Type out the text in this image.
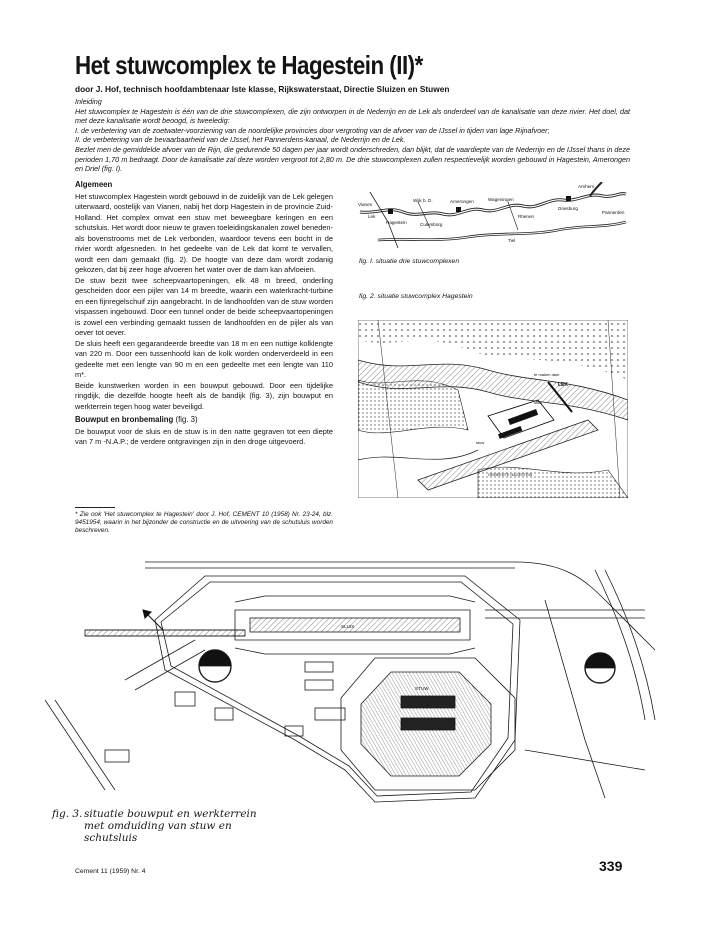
Het stuwcomplex te Hagestein (II)*
door J. Hof, technisch hoofdambtenaar lste klasse, Rijkswaterstaat, Directie Sluizen en Stuwen

Inleiding

Het stuwcomplex te Hagestein is één van de drie stuwcomplexen, die zijn ontworpen in de Nederrijn en de Lek als onderdeel van de kanalisatie van deze rivier. Het doel, dat met deze kanalisatie wordt beoogd, is tweeledig:

I. de verbetering van de zoetwater-voorziening van de noordelijke provincies door vergroting van de afvoer van de IJssel in tijden van lage Rijnafvoer;

II. de verbetering van de bevaarbaarheid van de IJssel, het Pannerdens-kanaal, de Nederrijn en de Lek.

Bezlet men de gemiddelde afvoer van de Rijn, die gedurende 50 dagen per jaar wordt onderschreden, dan blijkt, dat de vaardiepte van de Nederrijn en de IJssel thans in deze perioden 1,70 m bedraagt. Door de kanalisatie zal deze worden vergroot tot 2,80 m. De drie stuwcomplexen zullen respectievelijk worden gebouwd in Hagestein, Amerongen en Driel (fig. I).

Algemeen

Het stuwcomplex Hagestein wordt gebouwd in de zuidelijk van de Lek gelegen uiterwaard, oostelijk van Vianen, nabij het dorp Hagestein in de provincie Zuid-Holland. Het complex omvat een stuw met beweegbare keringen en een schutsluis. Het wordt door nieuw te graven toeleidingskanalen zowel beneden- als bovenstrooms met de Lek verbonden, waardoor tevens een bocht in de rivier wordt afgesneden. In het gedeelte van de Lek dat komt te vervallen, wordt een dam gemaakt (fig. 2). De hoogte van deze dam wordt zodanig gekozen, dat bij zeer hoge afvoeren het water over de dam kan afvloeien.

De stuw bezit twee scheepvaartopeningen, elk 48 m breed, onderling gescheiden door een pijler van 14 m breedte, waarin een waterkracht-turbine en een fijnregelschuif zijn aangebracht. In de landhoofden van de stuw worden vispassen ingebouwd. Door een tunnel onder de beide scheepvaartopeningen is zowel een verbinding gemaakt tussen de landhoofden en de pijler als van oever tot oever.

De sluis heeft een gegarandeerde breedte van 18 m en een nuttige kolklengte van 220 m. Door een tussenhoofd kan de kolk worden onderverdeeld in een gedeelte met een lengte van 90 m en een gedeelte met een lengte van 110 m*.

Beide kunstwerken worden in een bouwput gebouwd. Door een tijdelijke ringdijk, die dezelfde hoogte heeft als de bandijk (fig. 3), zijn bouwput en werkterrein tegen hoog water beveiligd.

Bouwput en bronbemaling (fig. 3)

De bouwput voor de sluis en de stuw is in den natte gegraven tot een diepte van 7 m -N.A.P.; de verdere ontgravingen zijn in den droge uitgevoerd.

* Zie ook 'Het stuwcomplex te Hagestein' door J. Hof, CEMENT 10 (1958) Nr. 23-24, blz. 9451954, waarin in het bijzonder de constructie en de uitvoering van de schutsluis worden beschreven.
Vianen
Hagestein
Amerongen	Wageningen
Rhenen
Wijk b. D.
Culemborg
Tiel
Pannerden
Arnhem
Doesburg
Lek
fig. I. situatie drie stuwcomplexen
fig. 2. situatie stuwcomplex Hagestein
LEK
te maken dam
stuw
sluis
GEMEENTE HAGESTEIN
SLUIS
STUW
fig. 3. situatie bouwput en werkterrein
met omduiding van stuw en
schutsluis
Cement 11 (1959) Nr. 4	339
